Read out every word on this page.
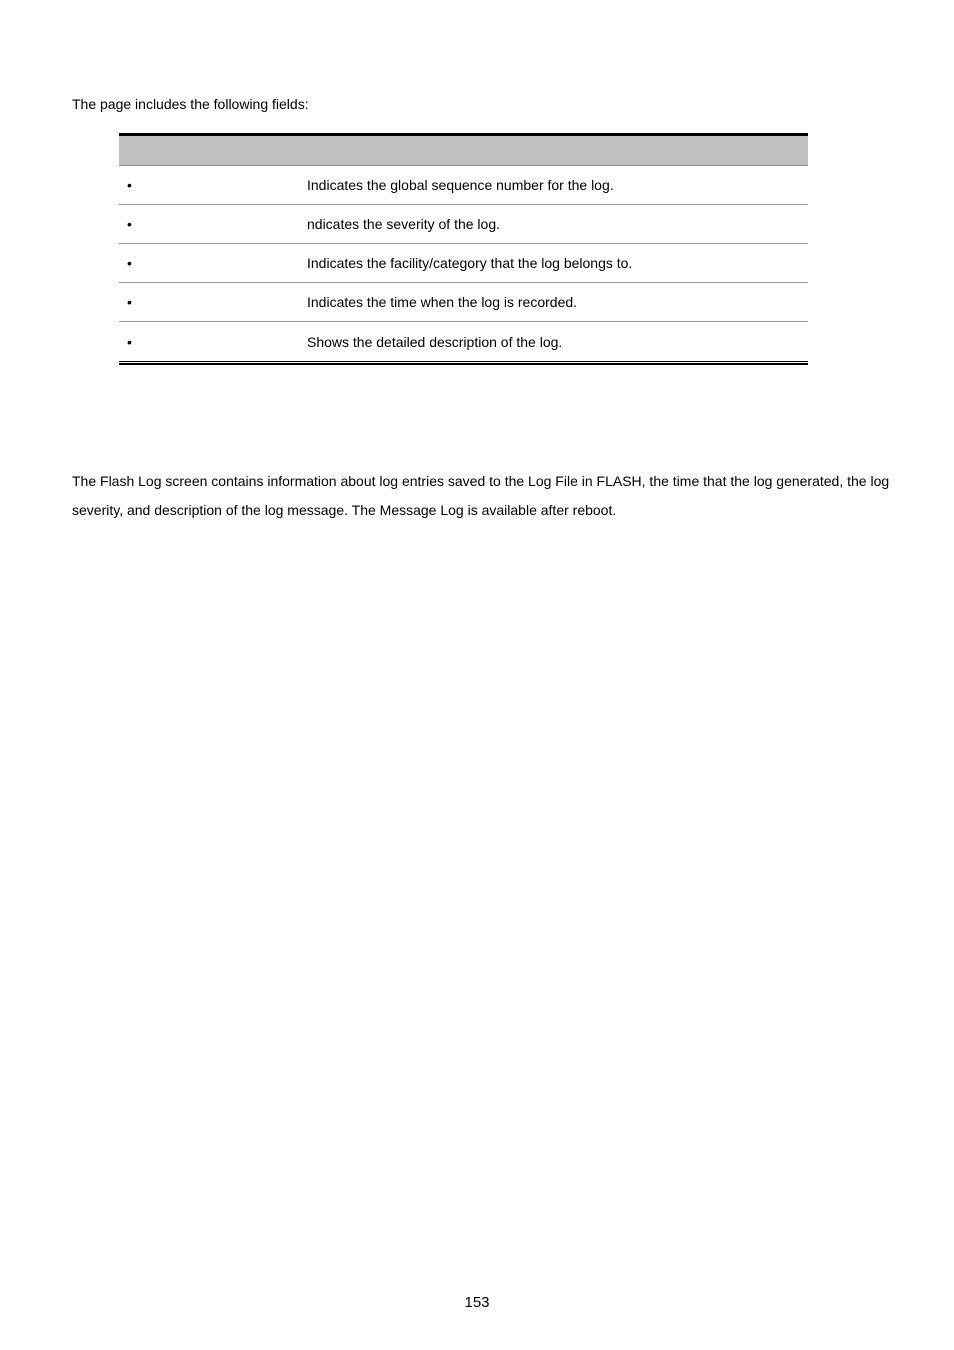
The page includes the following fields:

•	Indicates the global sequence number for the log.
•	ndicates the severity of the log.
•	Indicates the facility/category that the log belongs to.
•	Indicates the time when the log is recorded.
•	Shows the detailed description of the log.

The Flash Log screen contains information about log entries saved to the Log File in FLASH, the time that the log generated, the log severity, and description of the log message. The Message Log is available after reboot.

153
